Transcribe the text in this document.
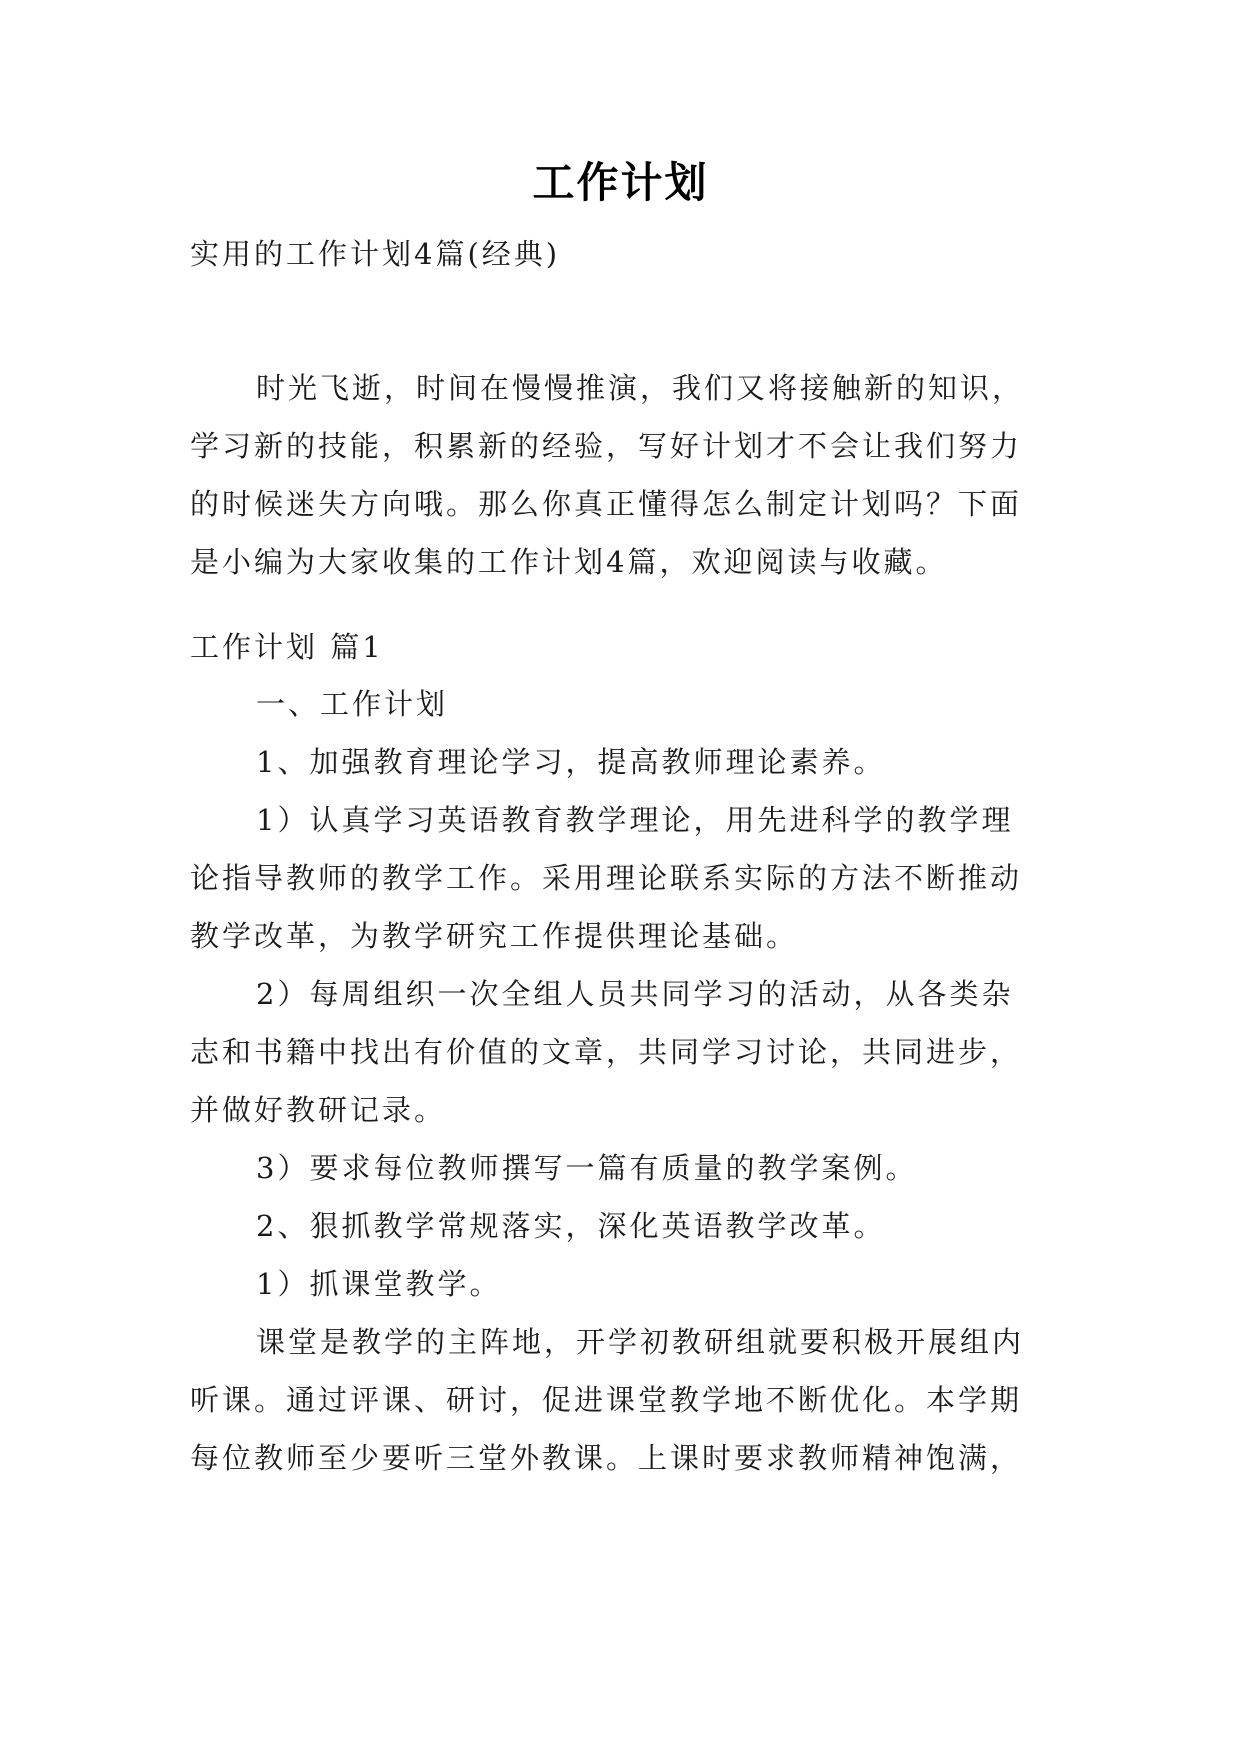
工作计划
实用的工作计划4篇(经典)
时光飞逝，时间在慢慢推演，我们又将接触新的知识，
学习新的技能，积累新的经验，写好计划才不会让我们努力
的时候迷失方向哦。那么你真正懂得怎么制定计划吗？下面
是小编为大家收集的工作计划4篇，欢迎阅读与收藏。
工作计划 篇1
一、工作计划
1、加强教育理论学习，提高教师理论素养。
1）认真学习英语教育教学理论，用先进科学的教学理
论指导教师的教学工作。采用理论联系实际的方法不断推动
教学改革，为教学研究工作提供理论基础。
2）每周组织一次全组人员共同学习的活动，从各类杂
志和书籍中找出有价值的文章，共同学习讨论，共同进步，
并做好教研记录。
3）要求每位教师撰写一篇有质量的教学案例。
2、狠抓教学常规落实，深化英语教学改革。
1）抓课堂教学。
课堂是教学的主阵地，开学初教研组就要积极开展组内
听课。通过评课、研讨，促进课堂教学地不断优化。本学期
每位教师至少要听三堂外教课。上课时要求教师精神饱满，
